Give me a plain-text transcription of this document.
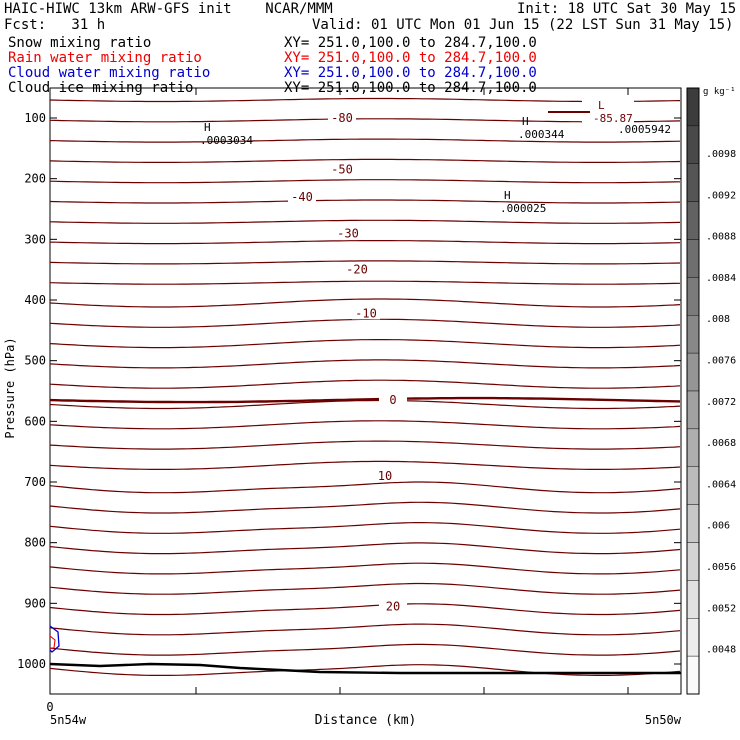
HAIC-HIWC 13km ARW-GFS init    NCAR/MMM
Fcst:   31 h
Init: 18 UTC Sat 30 May 15
Valid: 01 UTC Mon 01 Jun 15 (22 LST Sun 31 May 15)
Snow mixing ratio	XY= 251.0,100.0 to 284.7,100.0
Rain water mixing ratio	XY= 251.0,100.0 to 284.7,100.0
Cloud water mixing ratio	XY= 251.0,100.0 to 284.7,100.0
Cloud ice mixing ratio	XY= 251.0,100.0 to 284.7,100.0
100
200
300
400
500
600
700
800
900
1000
0
5n54w	5n50w
Distance (km)
Pressure (hPa)
-80
-50
-40
-30
-20
-10
0
10
20
H
.0003034
H
.000344
H
.000025
L
-85.87
.0005942
g kg⁻¹
.0098
.0092
.0088
.0084
.008
.0076
.0072
.0068
.0064
.006
.0056
.0052
.0048
